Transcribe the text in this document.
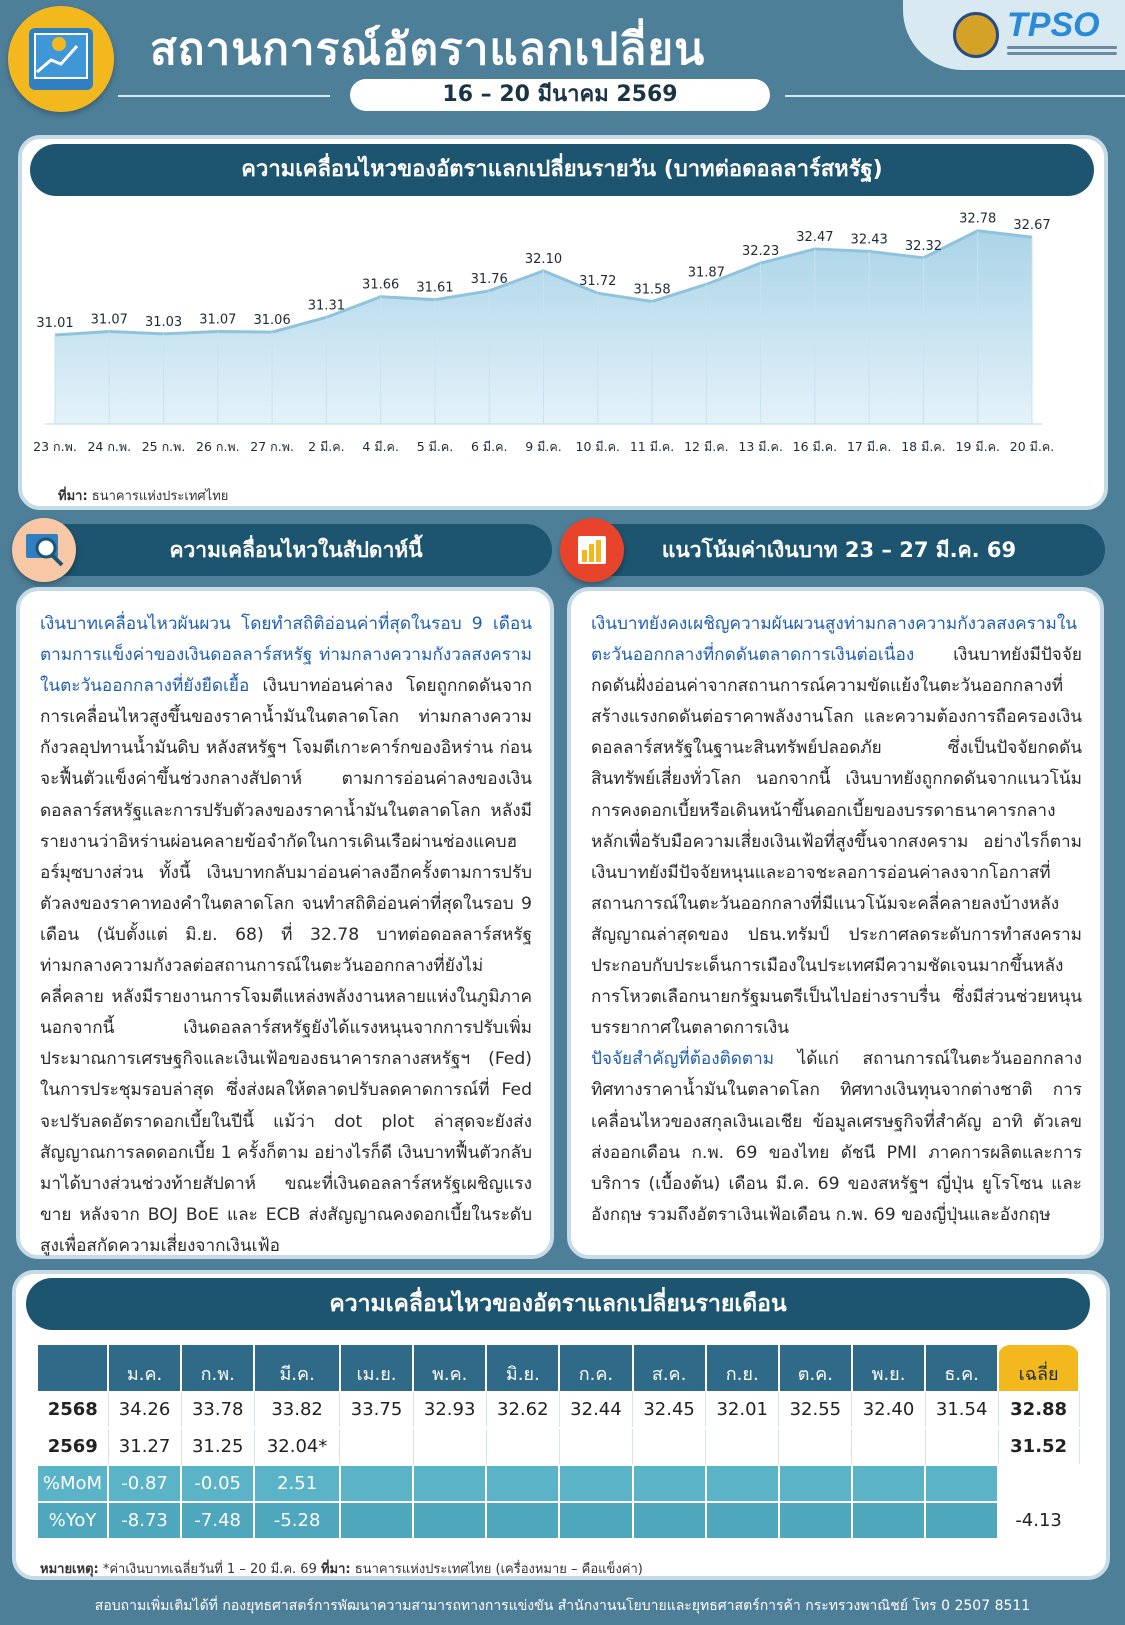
สถานการณ์อัตราแลกเปลี่ยน
16 – 20 มีนาคม 2569
TPSO
ความเคลื่อนไหวของอัตราแลกเปลี่ยนรายวัน (บาทต่อดอลลาร์สหรัฐ)
31.01
23 ก.พ.
31.07
24 ก.พ.
31.03
25 ก.พ.
31.07
26 ก.พ.
31.06
27 ก.พ.
31.31
2 มี.ค.
31.66
4 มี.ค.
31.61
5 มี.ค.
31.76
6 มี.ค.
32.10
9 มี.ค.
31.72
10 มี.ค.
31.58
11 มี.ค.
31.87
12 มี.ค.
32.23
13 มี.ค.
32.47
16 มี.ค.
32.43
17 มี.ค.
32.32
18 มี.ค.
32.78
19 มี.ค.
32.67
20 มี.ค.
ที่มา: ธนาคารแห่งประเทศไทย
ความเคลื่อนไหวในสัปดาห์นี้	แนวโน้มค่าเงินบาท 23 – 27 มี.ค. 69
เงินบาทเคลื่อนไหวผันผวน โดยทำสถิติอ่อนค่าที่สุดในรอบ 9 เดือน ตามการแข็งค่าของเงินดอลลาร์สหรัฐ ท่ามกลางความกังวลสงครามในตะวันออกกลางที่ยังยืดเยื้อ เงินบาทอ่อนค่าลง โดยถูกกดดันจากการเคลื่อนไหวสูงขึ้นของราคาน้ำมันในตลาดโลก ท่ามกลางความกังวลอุปทานน้ำมันดิบ หลังสหรัฐฯ โจมตีเกาะคาร์กของอิหร่าน ก่อนจะฟื้นตัวแข็งค่าขึ้นช่วงกลางสัปดาห์ ตามการอ่อนค่าลงของเงินดอลลาร์สหรัฐและการปรับตัวลงของราคาน้ำมันในตลาดโลก หลังมีรายงานว่าอิหร่านผ่อนคลายข้อจำกัดในการเดินเรือผ่านช่องแคบฮอร์มุซบางส่วน ทั้งนี้ เงินบาทกลับมาอ่อนค่าลงอีกครั้งตามการปรับตัวลงของราคาทองคำในตลาดโลก จนทำสถิติอ่อนค่าที่สุดในรอบ 9 เดือน (นับตั้งแต่ มิ.ย. 68) ที่ 32.78 บาทต่อดอลลาร์สหรัฐ ท่ามกลางความกังวลต่อสถานการณ์ในตะวันออกกลางที่ยังไม่คลี่คลาย หลังมีรายงานการโจมตีแหล่งพลังงานหลายแห่งในภูมิภาค นอกจากนี้ เงินดอลลาร์สหรัฐยังได้แรงหนุนจากการปรับเพิ่มประมาณการเศรษฐกิจและเงินเฟ้อของธนาคารกลางสหรัฐฯ (Fed) ในการประชุมรอบล่าสุด ซึ่งส่งผลให้ตลาดปรับลดคาดการณ์ที่ Fed จะปรับลดอัตราดอกเบี้ยในปีนี้ แม้ว่า dot plot ล่าสุดจะยังส่งสัญญาณการลดดอกเบี้ย 1 ครั้งก็ตาม อย่างไรก็ดี เงินบาทฟื้นตัวกลับมาได้บางส่วนช่วงท้ายสัปดาห์ ขณะที่เงินดอลลาร์สหรัฐเผชิญแรงขาย หลังจาก BOJ BoE และ ECB ส่งสัญญาณคงดอกเบี้ยในระดับสูงเพื่อสกัดความเสี่ยงจากเงินเฟ้อ
เงินบาทยังคงเผชิญความผันผวนสูงท่ามกลางความกังวลสงครามในตะวันออกกลางที่กดดันตลาดการเงินต่อเนื่อง เงินบาทยังมีปัจจัยกดดันฝั่งอ่อนค่าจากสถานการณ์ความขัดแย้งในตะวันออกกลางที่สร้างแรงกดดันต่อราคาพลังงานโลก และความต้องการถือครองเงินดอลลาร์สหรัฐในฐานะสินทรัพย์ปลอดภัย ซึ่งเป็นปัจจัยกดดันสินทรัพย์เสี่ยงทั่วโลก นอกจากนี้ เงินบาทยังถูกกดดันจากแนวโน้มการคงดอกเบี้ยหรือเดินหน้าขึ้นดอกเบี้ยของบรรดาธนาคารกลางหลักเพื่อรับมือความเสี่ยงเงินเฟ้อที่สูงขึ้นจากสงคราม อย่างไรก็ตาม เงินบาทยังมีปัจจัยหนุนและอาจชะลอการอ่อนค่าลงจากโอกาสที่สถานการณ์ในตะวันออกกลางที่มีแนวโน้มจะคลี่คลายลงบ้างหลังสัญญาณล่าสุดของ ปธน.ทรัมป์ ประกาศลดระดับการทำสงคราม ประกอบกับประเด็นการเมืองในประเทศมีความชัดเจนมากขึ้นหลังการโหวตเลือกนายกรัฐมนตรีเป็นไปอย่างราบรื่น ซึ่งมีส่วนช่วยหนุนบรรยากาศในตลาดการเงิน
ปัจจัยสำคัญที่ต้องติดตาม ได้แก่ สถานการณ์ในตะวันออกกลาง ทิศทางราคาน้ำมันในตลาดโลก ทิศทางเงินทุนจากต่างชาติ การเคลื่อนไหวของสกุลเงินเอเชีย ข้อมูลเศรษฐกิจที่สำคัญ อาทิ ตัวเลขส่งออกเดือน ก.พ. 69 ของไทย ดัชนี PMI ภาคการผลิตและการบริการ (เบื้องต้น) เดือน มี.ค. 69 ของสหรัฐฯ ญี่ปุ่น ยูโรโซน และอังกฤษ รวมถึงอัตราเงินเฟ้อเดือน ก.พ. 69 ของญี่ปุ่นและอังกฤษ
ความเคลื่อนไหวของอัตราแลกเปลี่ยนรายเดือน
	ม.ค.	ก.พ.	มี.ค.	เม.ย.	พ.ค.	มิ.ย.	ก.ค.	ส.ค.	ก.ย.	ต.ค.	พ.ย.	ธ.ค.	เฉลี่ย
2568	34.26	33.78	33.82	33.75	32.93	32.62	32.44	32.45	32.01	32.55	32.40	31.54	32.88
2569	31.27	31.25	32.04*										31.52
%MoM	-0.87	-0.05	2.51										
%YoY	-8.73	-7.48	-5.28										-4.13
หมายเหตุ: *ค่าเงินบาทเฉลี่ยวันที่ 1 – 20 มี.ค. 69 ที่มา: ธนาคารแห่งประเทศไทย (เครื่องหมาย – คือแข็งค่า)
สอบถามเพิ่มเติมได้ที่ กองยุทธศาสตร์การพัฒนาความสามารถทางการแข่งขัน สำนักงานนโยบายและยุทธศาสตร์การค้า กระทรวงพาณิชย์ โทร 0 2507 8511
